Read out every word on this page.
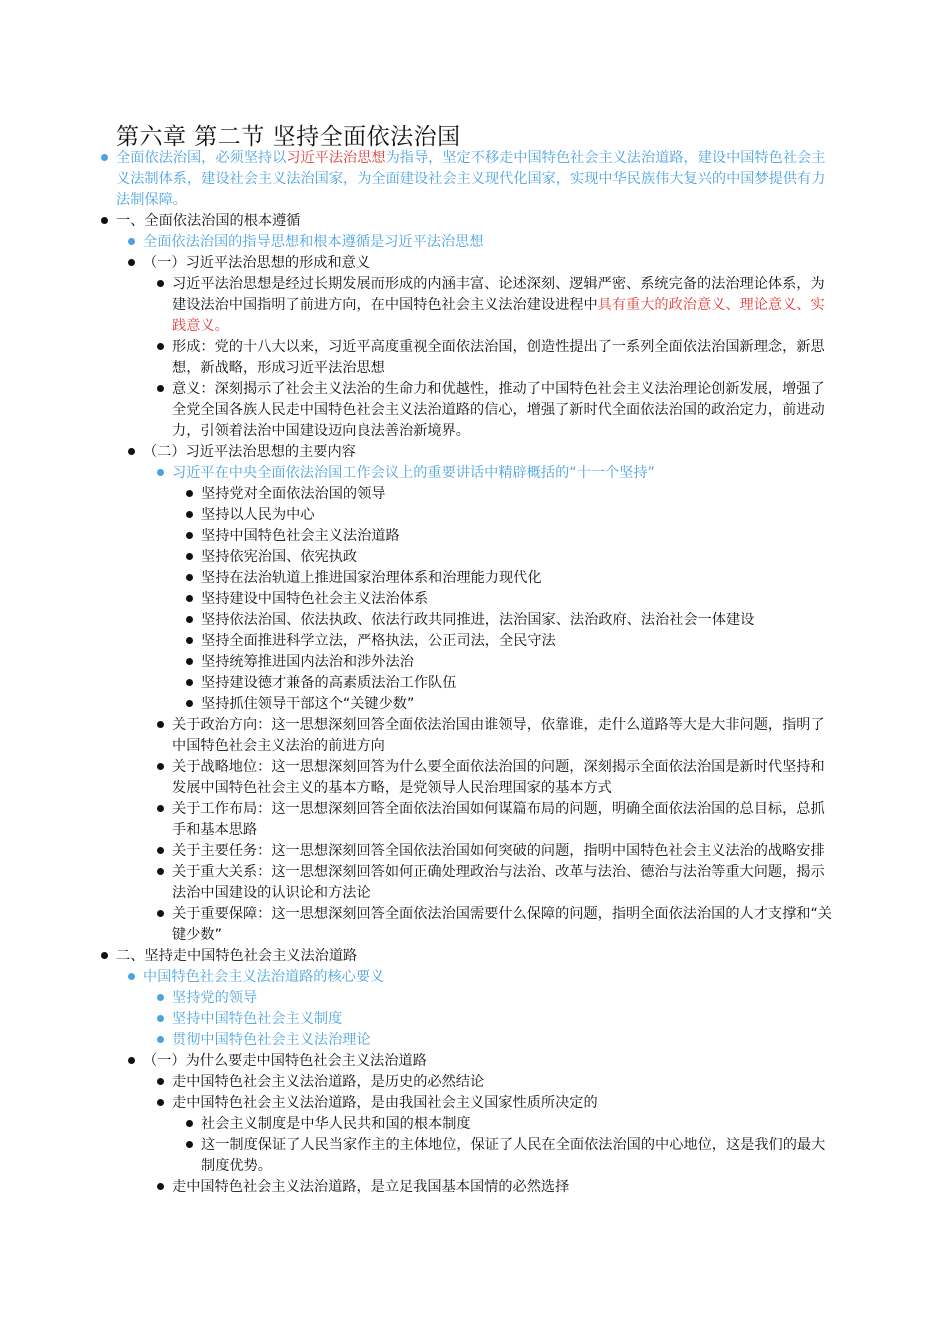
第六章 第二节 坚持全面依法治国
全面依法治国，必须坚持以习近平法治思想为指导，坚定不移走中国特色社会主义法治道路，建设中国特色社会主义法制体系，建设社会主义法治国家，为全面建设社会主义现代化国家，实现中华民族伟大复兴的中国梦提供有力法制保障。
一、全面依法治国的根本遵循
全面依法治国的指导思想和根本遵循是习近平法治思想
（一）习近平法治思想的形成和意义
习近平法治思想是经过长期发展而形成的内涵丰富、论述深刻、逻辑严密、系统完备的法治理论体系，为建设法治中国指明了前进方向，在中国特色社会主义法治建设进程中具有重大的政治意义、理论意义、实践意义。
形成：党的十八大以来，习近平高度重视全面依法治国，创造性提出了一系列全面依法治国新理念，新思想，新战略，形成习近平法治思想
意义：深刻揭示了社会主义法治的生命力和优越性，推动了中国特色社会主义法治理论创新发展，增强了全党全国各族人民走中国特色社会主义法治道路的信心，增强了新时代全面依法治国的政治定力，前进动力，引领着法治中国建设迈向良法善治新境界。
（二）习近平法治思想的主要内容
习近平在中央全面依法治国工作会议上的重要讲话中精辟概括的“十一个坚持”
坚持党对全面依法治国的领导
坚持以人民为中心
坚持中国特色社会主义法治道路
坚持依宪治国、依宪执政
坚持在法治轨道上推进国家治理体系和治理能力现代化
坚持建设中国特色社会主义法治体系
坚持依法治国、依法执政、依法行政共同推进，法治国家、法治政府、法治社会一体建设
坚持全面推进科学立法，严格执法，公正司法，全民守法
坚持统筹推进国内法治和涉外法治
坚持建设德才兼备的高素质法治工作队伍
坚持抓住领导干部这个“关键少数”
关于政治方向：这一思想深刻回答全面依法治国由谁领导，依靠谁，走什么道路等大是大非问题，指明了中国特色社会主义法治的前进方向
关于战略地位：这一思想深刻回答为什么要全面依法治国的问题，深刻揭示全面依法治国是新时代坚持和发展中国特色社会主义的基本方略，是党领导人民治理国家的基本方式
关于工作布局：这一思想深刻回答全面依法治国如何谋篇布局的问题，明确全面依法治国的总目标，总抓手和基本思路
关于主要任务：这一思想深刻回答全国依法治国如何突破的问题，指明中国特色社会主义法治的战略安排
关于重大关系：这一思想深刻回答如何正确处理政治与法治、改革与法治、德治与法治等重大问题，揭示法治中国建设的认识论和方法论
关于重要保障：这一思想深刻回答全面依法治国需要什么保障的问题，指明全面依法治国的人才支撑和“关键少数”
二、坚持走中国特色社会主义法治道路
中国特色社会主义法治道路的核心要义
坚持党的领导
坚持中国特色社会主义制度
贯彻中国特色社会主义法治理论
（一）为什么要走中国特色社会主义法治道路
走中国特色社会主义法治道路，是历史的必然结论
走中国特色社会主义法治道路，是由我国社会主义国家性质所决定的
社会主义制度是中华人民共和国的根本制度
这一制度保证了人民当家作主的主体地位，保证了人民在全面依法治国的中心地位，这是我们的最大制度优势。
走中国特色社会主义法治道路，是立足我国基本国情的必然选择
